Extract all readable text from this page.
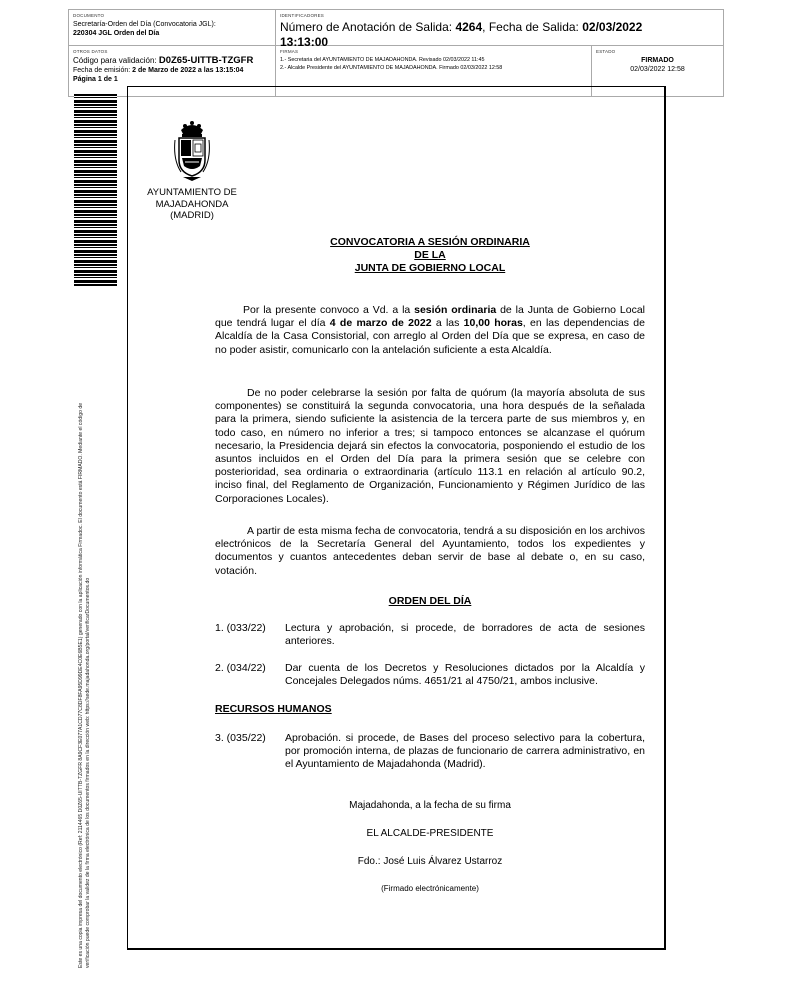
DOCUMENTO
Secretaría-Orden del Día (Convocatoria JGL):
220304 JGL Orden del Día
IDENTIFICADORES
Número de Anotación de Salida: 4264, Fecha de Salida: 02/03/2022
13:13:00
OTROS DATOS
Código para validación: D0Z65-UITTB-TZGFR
Fecha de emisión: 2 de Marzo de 2022 a las 13:15:04
Página 1 de 1
FIRMAS
1.- Secretaria del AYUNTAMIENTO DE MAJADAHONDA. Revisado 02/03/2022 11:45
2.- Alcalde Presidente del AYUNTAMIENTO DE MAJADAHONDA. Firmado 02/03/2022 12:58
ESTADO
FIRMADO
02/03/2022 12:58
Este es una copia impresa del documento electrónico (Ref: 2114465 D0Z65-UITTB-TZGFR 8A9CF3E077A1CD77C8DF8FA95D99DE4C0E6B5E1) generado con la aplicación informática Firmadoc. El documento está FIRMADO. Mediante el código de verificación puede comprobar la validez de la firma electrónica de los documentos firmados en la dirección web: https://sede.majadahonda.org/portal/verificarDocumentos.do
AYUNTAMIENTO DE
MAJADAHONDA
(MADRID)
CONVOCATORIA A SESIÓN ORDINARIA
DE LA
JUNTA DE GOBIERNO LOCAL
Por la presente convoco a Vd. a la sesión ordinaria de la Junta de Gobierno Local que tendrá lugar el día 4 de marzo de 2022 a las 10,00 horas, en las dependencias de Alcaldía de la Casa Consistorial, con arreglo al Orden del Día que se expresa, en caso de no poder asistir, comunicarlo con la antelación suficiente a esta Alcaldía.
De no poder celebrarse la sesión por falta de quórum (la mayoría absoluta de sus componentes) se constituirá la segunda convocatoria, una hora después de la señalada para la primera, siendo suficiente la asistencia de la tercera parte de sus miembros y, en todo caso, en número no inferior a tres; si tampoco entonces se alcanzase el quórum necesario, la Presidencia dejará sin efectos la convocatoria, posponiendo el estudio de los asuntos incluidos en el Orden del Día para la primera sesión que se celebre con posterioridad, sea ordinaria o extraordinaria (artículo 113.1 en relación al artículo 90.2, inciso final, del Reglamento de Organización, Funcionamiento y Régimen Jurídico de las Corporaciones Locales).
A partir de esta misma fecha de convocatoria, tendrá a su disposición en los archivos electrónicos de la Secretaría General del Ayuntamiento, todos los expedientes y documentos y cuantos antecedentes deban servir de base al debate o, en su caso, votación.
ORDEN DEL DÍA
1. (033/22)	Lectura y aprobación, si procede, de borradores de acta de sesiones anteriores.
2. (034/22)	Dar cuenta de los Decretos y Resoluciones dictados por la Alcaldía y Concejales Delegados núms. 4651/21 al 4750/21, ambos inclusive.
RECURSOS HUMANOS
3. (035/22)	Aprobación. si procede, de Bases del proceso selectivo para la cobertura, por promoción interna, de plazas de funcionario de carrera administrativo, en el Ayuntamiento de Majadahonda (Madrid).
Majadahonda, a la fecha de su firma
EL ALCALDE-PRESIDENTE
Fdo.: José Luis Álvarez Ustarroz
(Firmado electrónicamente)
